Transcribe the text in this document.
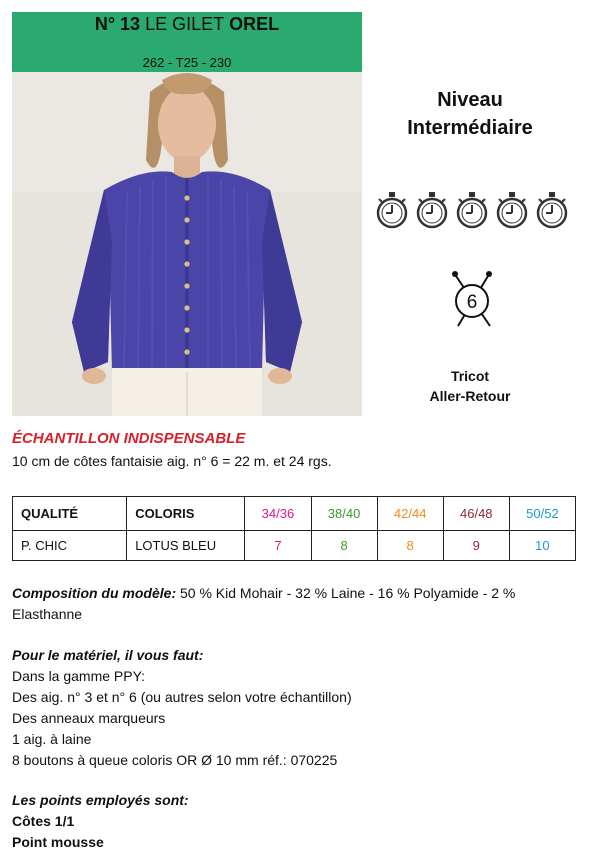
N° 13 LE GILET OREL
262 - T25 - 230
Niveau
Intermédiaire
6
Tricot
Aller-Retour
ÉCHANTILLON INDISPENSABLE
10 cm de côtes fantaisie aig. n° 6 = 22 m. et 24 rgs.
QUALITÉ	COLORIS	34/36	38/40	42/44	46/48	50/52
P. CHIC	LOTUS BLEU	7	8	8	9	10
Composition du modèle: 50 % Kid Mohair - 32 % Laine - 16 % Polyamide - 2 % Elasthanne
Pour le matériel, il vous faut:
Dans la gamme PPY:
Des aig. n° 3 et n° 6 (ou autres selon votre échantillon)
Des anneaux marqueurs
1 aig. à laine
8 boutons à queue coloris OR Ø 10 mm réf.: 070225
Les points employés sont:
Côtes 1/1
Point mousse
